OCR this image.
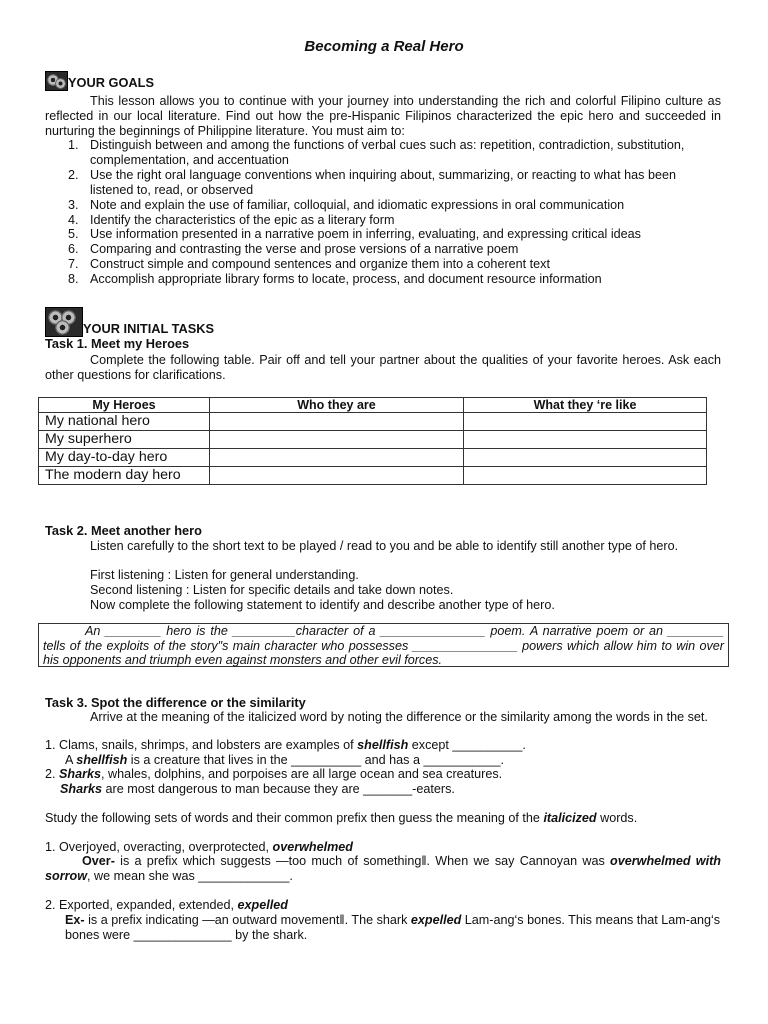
Becoming a Real Hero
YOUR GOALS
This lesson allows you to continue with your journey into understanding the rich and colorful Filipino culture as reflected in our local literature. Find out how the pre-Hispanic Filipinos characterized the epic hero and succeeded in nurturing the beginnings of Philippine literature. You must aim to:
1. Distinguish between and among the functions of verbal cues such as: repetition, contradiction, substitution, complementation, and accentuation
2. Use the right oral language conventions when inquiring about, summarizing, or reacting to what has been listened to, read, or observed
3. Note and explain the use of familiar, colloquial, and idiomatic expressions in oral communication
4. Identify the characteristics of the epic as a literary form
5. Use information presented in a narrative poem in inferring, evaluating, and expressing critical ideas
6. Comparing and contrasting the verse and prose versions of a narrative poem
7. Construct simple and compound sentences and organize them into a coherent text
8. Accomplish appropriate library forms to locate, process, and document resource information
YOUR INITIAL TASKS
Task 1. Meet my Heroes
Complete the following table. Pair off and tell your partner about the qualities of your favorite heroes. Ask each other questions for clarifications.
My Heroes	Who they are	What they ‘re like
My national hero		
My superhero		
My day-to-day hero		
The modern day hero		
Task 2. Meet another hero
Listen carefully to the short text to be played / read to you and be able to identify still another type of hero.
First listening : Listen for general understanding.
Second listening : Listen for specific details and take down notes.
Now complete the following statement to identify and describe another type of hero.
An ________ hero is the _________character of a _______________ poem. A narrative poem or an ________ tells of the exploits of the story"s main character who possesses _______________ powers which allow him to win over his opponents and triumph even against monsters and other evil forces.
Task 3. Spot the difference or the similarity
Arrive at the meaning of the italicized word by noting the difference or the similarity among the words in the set.
1. Clams, snails, shrimps, and lobsters are examples of shellfish except __________.
A shellfish is a creature that lives in the __________ and has a ___________.
2. Sharks, whales, dolphins, and porpoises are all large ocean and sea creatures.
Sharks are most dangerous to man because they are _______-eaters.
Study the following sets of words and their common prefix then guess the meaning of the italicized words.
1. Overjoyed, overacting, overprotected, overwhelmed
Over- is a prefix which suggests —too much of something‖. When we say Cannoyan was overwhelmed with sorrow, we mean she was _____________.
2. Exported, expanded, extended, expelled
Ex- is a prefix indicating —an outward movement‖. The shark expelled Lam-ang‘s bones. This means that Lam-ang‘s bones were ______________ by the shark.
